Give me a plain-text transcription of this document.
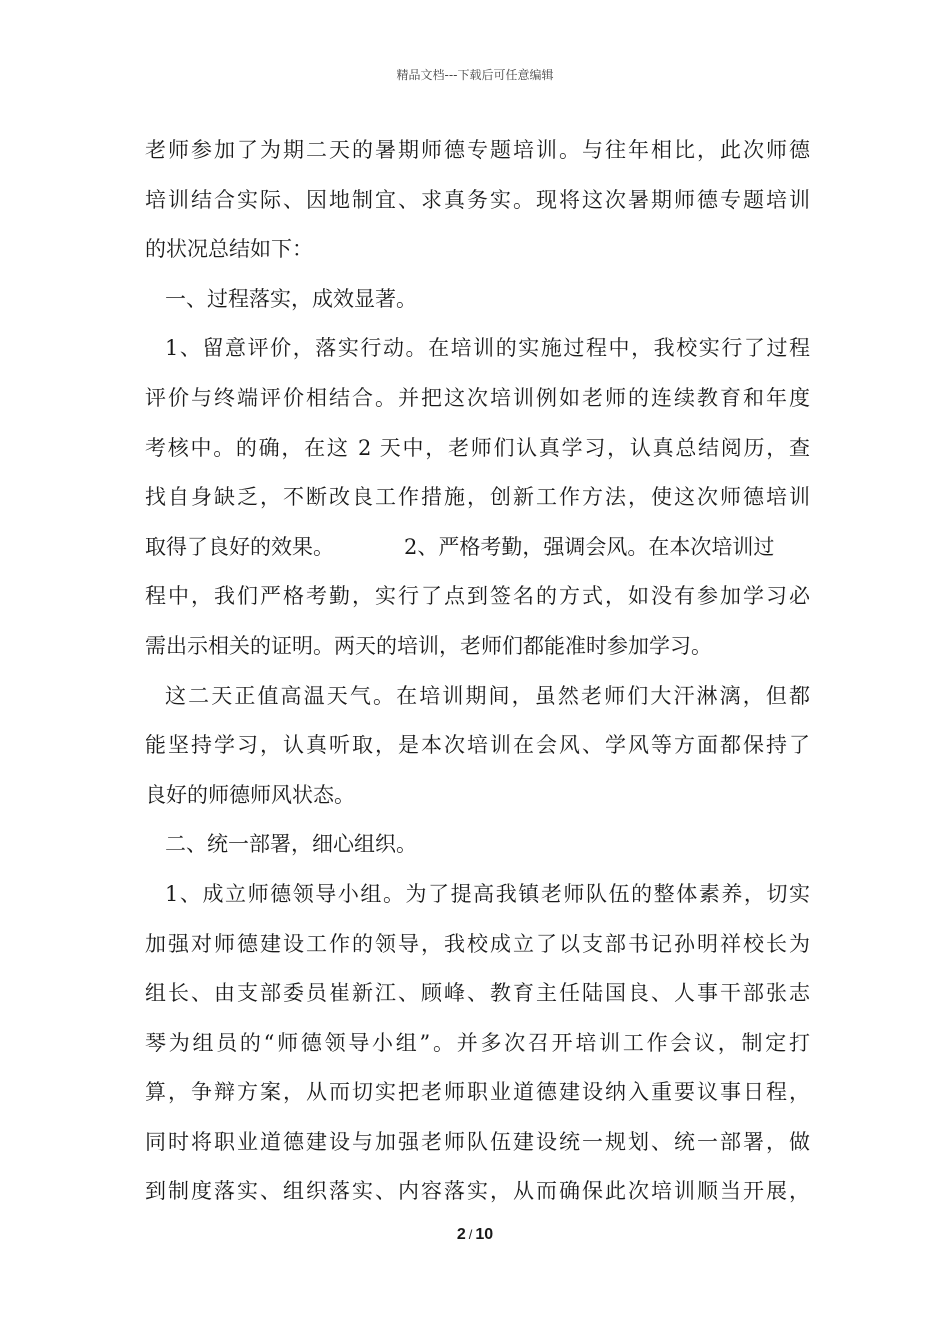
精品文档---下载后可任意编辑
老师参加了为期二天的暑期师德专题培训。与往年相比，此次师德
培训结合实际、因地制宜、求真务实。现将这次暑期师德专题培训
的状况总结如下：
一、过程落实，成效显著。
1、留意评价，落实行动。在培训的实施过程中，我校实行了过程
评价与终端评价相结合。并把这次培训例如老师的连续教育和年度
考核中。的确，在这 2 天中，老师们认真学习，认真总结阅历，查
找自身缺乏，不断改良工作措施，创新工作方法，使这次师德培训
取得了良好的效果。	2、严格考勤，强调会风。在本次培训过
程中，我们严格考勤，实行了点到签名的方式，如没有参加学习必
需出示相关的证明。两天的培训，老师们都能准时参加学习。
这二天正值高温天气。在培训期间，虽然老师们大汗淋漓，但都
能坚持学习，认真听取，是本次培训在会风、学风等方面都保持了
良好的师德师风状态。
二、统一部署，细心组织。
1、成立师德领导小组。为了提高我镇老师队伍的整体素养，切实
加强对师德建设工作的领导，我校成立了以支部书记孙明祥校长为
组长、由支部委员崔新江、顾峰、教育主任陆国良、人事干部张志
琴为组员的“师德领导小组”。并多次召开培训工作会议，制定打
算，争辩方案，从而切实把老师职业道德建设纳入重要议事日程，
同时将职业道德建设与加强老师队伍建设统一规划、统一部署，做
到制度落实、组织落实、内容落实，从而确保此次培训顺当开展，
2 / 10
